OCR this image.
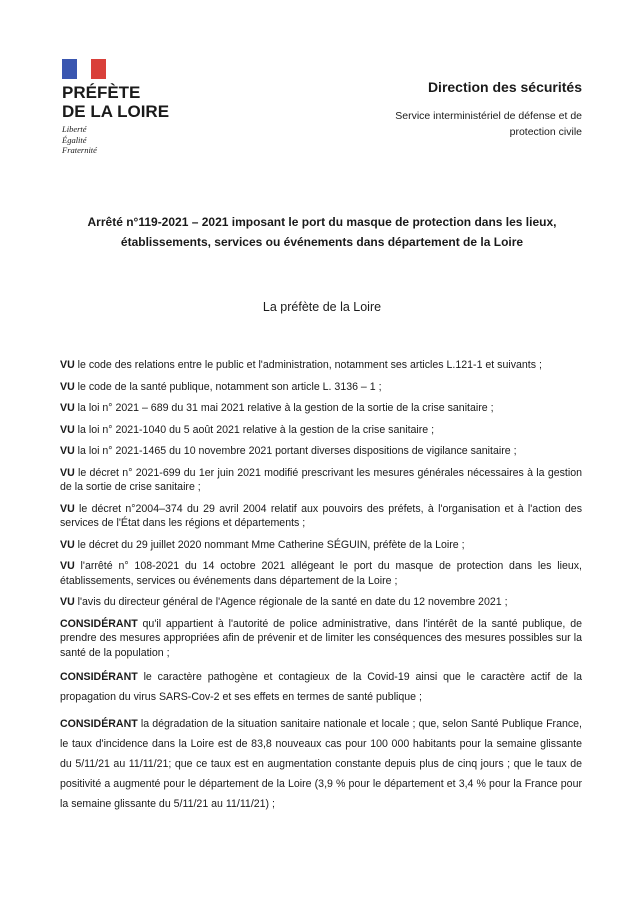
PRÉFÈTE
DE LA LOIRE
Liberté
Égalité
Fraternité
Direction des sécurités
Service interministériel de défense et de
protection civile
Arrêté n°119-2021 – 2021 imposant le port du masque de protection dans les lieux,
établissements, services ou événements dans département de la Loire
La préfète de la Loire

VU le code des relations entre le public et l'administration, notamment ses articles L.121-1 et suivants ;

VU le code de la santé publique, notamment son article L. 3136 – 1 ;

VU la loi n° 2021 – 689 du 31 mai 2021 relative à la gestion de la sortie de la crise sanitaire ;

VU la loi n° 2021-1040 du 5 août 2021 relative à la gestion de la crise sanitaire ;

VU la loi n° 2021-1465 du 10 novembre 2021 portant diverses dispositions de vigilance sanitaire ;

VU le décret n° 2021-699 du 1er juin 2021 modifié prescrivant les mesures générales nécessaires à la gestion de la sortie de crise sanitaire ;

VU le décret n°2004–374 du 29 avril 2004 relatif aux pouvoirs des préfets, à l'organisation et à l'action des services de l'État dans les régions et départements ;

VU le décret du 29 juillet 2020 nommant Mme Catherine SÉGUIN, préfète de la Loire ;

VU l'arrêté n° 108-2021 du 14 octobre 2021 allégeant le port du masque de protection dans les lieux, établissements, services ou événements dans département de la Loire ;

VU l'avis du directeur général de l'Agence régionale de la santé en date du 12 novembre 2021 ;

CONSIDÉRANT qu'il appartient à l'autorité de police administrative, dans l'intérêt de la santé publique, de prendre des mesures appropriées afin de prévenir et de limiter les conséquences des mesures possibles sur la santé de la population ;

CONSIDÉRANT le caractère pathogène et contagieux de la Covid-19 ainsi que le caractère actif de la propagation du virus SARS-Cov-2 et ses effets en termes de santé publique ;

CONSIDÉRANT la dégradation de la situation sanitaire nationale et locale ; que, selon Santé Publique France, le taux d'incidence dans la Loire est de 83,8 nouveaux cas pour 100 000 habitants pour la semaine glissante du 5/11/21 au 11/11/21; que ce taux est en augmentation constante depuis plus de cinq jours ; que le taux de positivité a augmenté pour le département de la Loire (3,9 % pour le département et 3,4 % pour la France pour la semaine glissante du 5/11/21 au 11/11/21) ;
